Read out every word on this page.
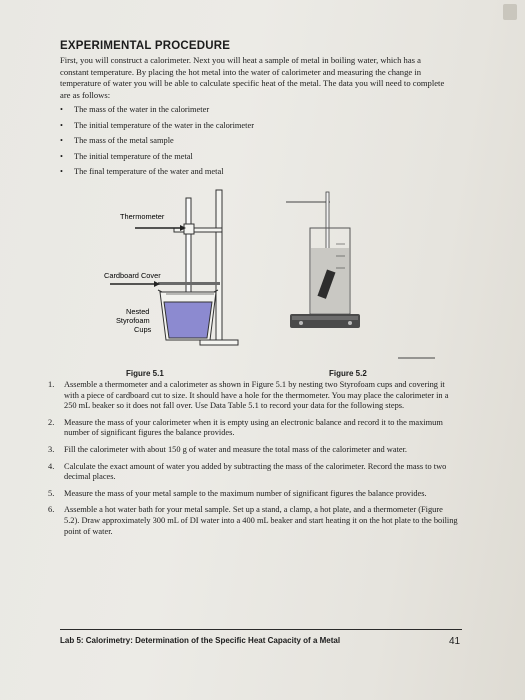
EXPERIMENTAL PROCEDURE
First, you will construct a calorimeter. Next you will heat a sample of metal in boiling water, which has a constant temperature. By placing the hot metal into the water of calorimeter and measuring the change in temperature of water you will be able to calculate specific heat of the metal. The data you will need to complete are as follows:
• The mass of the water in the calorimeter
• The initial temperature of the water in the calorimeter
• The mass of the metal sample
• The initial temperature of the metal
• The final temperature of the water and metal
Thermometer
Cardboard Cover
Nested
Styrofoam
Cups
Figure 5.1	Figure 5.2
1. Assemble a thermometer and a calorimeter as shown in Figure 5.1 by nesting two Styrofoam cups and covering it with a piece of cardboard cut to size. It should have a hole for the thermometer. You may place the calorimeter in a 250 mL beaker so it does not fall over. Use Data Table 5.1 to record your data for the following steps.
2. Measure the mass of your calorimeter when it is empty using an electronic balance and record it to the maximum number of significant figures the balance provides.
3. Fill the calorimeter with about 150 g of water and measure the total mass of the calorimeter and water.
4. Calculate the exact amount of water you added by subtracting the mass of the calorimeter. Record the mass to two decimal places.
5. Measure the mass of your metal sample to the maximum number of significant figures the balance provides.
6. Assemble a hot water bath for your metal sample. Set up a stand, a clamp, a hot plate, and a thermometer (Figure 5.2). Draw approximately 300 mL of DI water into a 400 mL beaker and start heating it on the hot plate to the boiling point of water.
Lab 5: Calorimetry: Determination of the Specific Heat Capacity of a Metal	41
